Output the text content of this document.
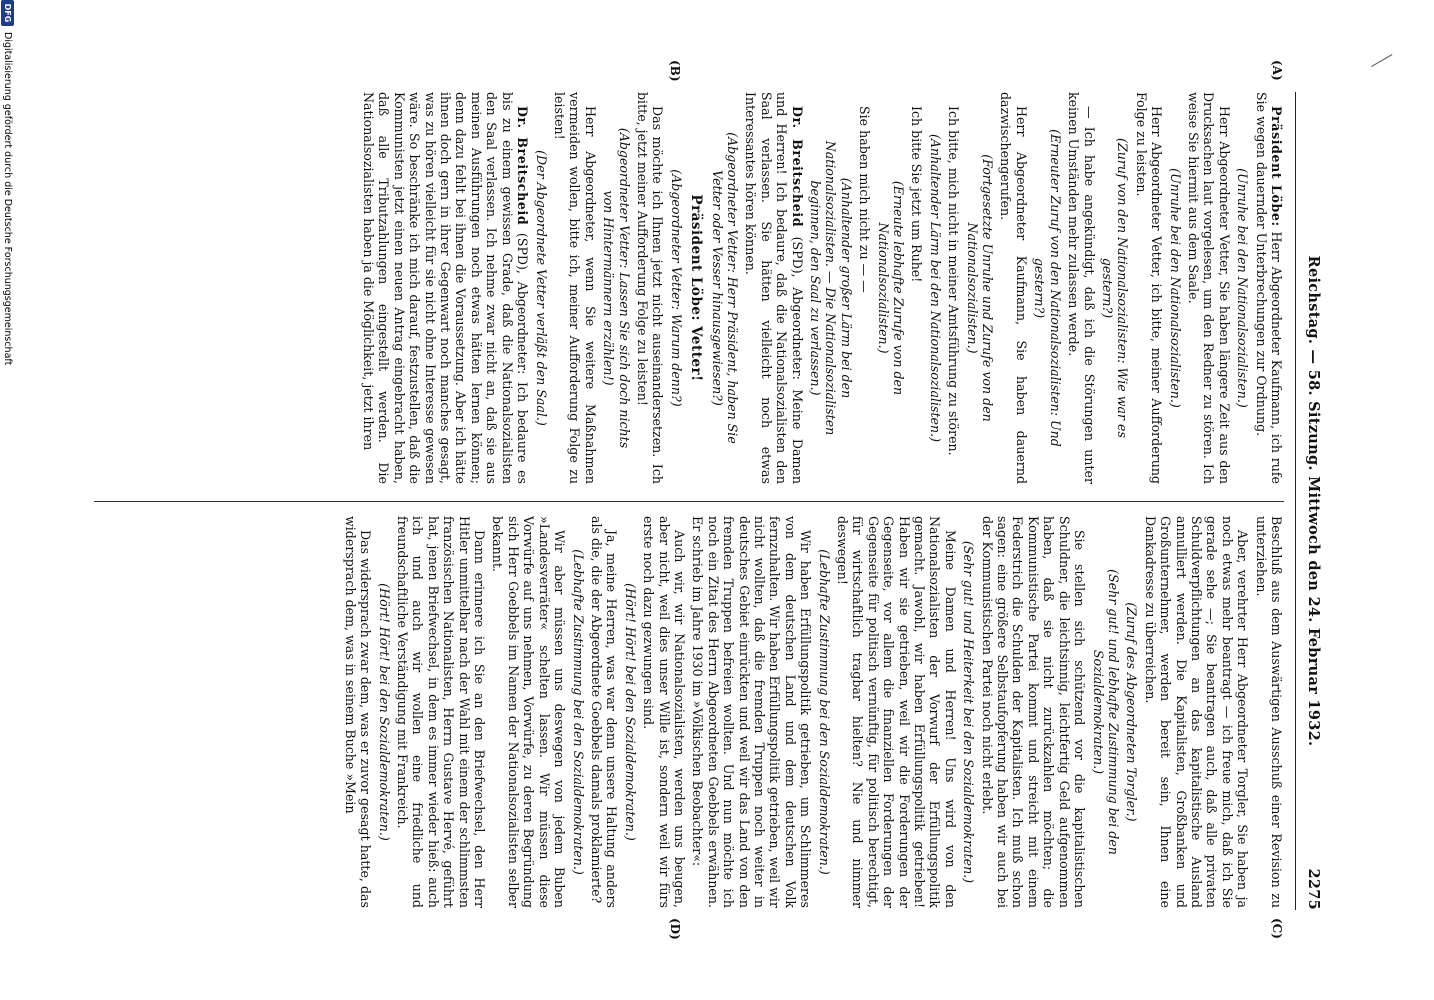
Reichstag. — 58. Sitzung. Mittwoch den 24. Februar 1932.
2275
(A)
(B)
(C)
(D)

Präsident Löbe: Herr Abgeordneter Kaufmann, ich rufe Sie wegen dauernder Unterbrechungen zur Ordnung.

(Unruhe bei den Nationalsozialisten.)

Herr Abgeordneter Vetter, Sie haben längere Zeit aus den Drucksachen laut vorgelesen, um den Redner zu stören. Ich weise Sie hiermit aus dem Saale.

(Unruhe bei den Nationalsozialisten.)

Herr Abgeordneter Vetter, ich bitte, meiner Aufforderung Folge zu leisten.

(Zuruf von den Nationalsozialisten: Wie war es gestern?)

— Ich habe angekündigt, daß ich die Störungen unter keinen Umständen mehr zulassen werde.

(Erneuter Zuruf von den Nationalsozialisten: Und gestern?)

Herr Abgeordneter Kaufmann, Sie haben dauernd dazwischengerufen.

(Fortgesetzte Unruhe und Zurufe von den Nationalsozialisten.)

Ich bitte, mich nicht in meiner Amtsführung zu stören.

(Anhaltender Lärm bei den Nationalsozialisten.)

Ich bitte Sie jetzt um Ruhe!

(Erneute lebhafte Zurufe von den Nationalsozialisten.)

Sie haben mich nicht zu — —

(Anhaltender großer Lärm bei den Nationalsozialisten. — Die Nationalsozialisten beginnen, den Saal zu verlassen.)

Dr. Breitscheid (SPD), Abgeordneter: Meine Damen und Herren! Ich bedaure, daß die Nationalsozialisten den Saal verlassen. Sie hätten vielleicht noch etwas Interessantes hören können.

(Abgeordneter Vetter: Herr Präsident, haben Sie Vetter oder Vesser hinausgewiesen?)

Präsident Löbe: Vetter!

(Abgeordneter Vetter: Warum denn?)

Das möchte ich Ihnen jetzt nicht auseinandersetzen. Ich bitte, jetzt meiner Aufforderung Folge zu leisten!

(Abgeordneter Vetter: Lassen Sie sich doch nichts von Hintermännern erzählen!)

Herr Abgeordneter, wenn Sie weitere Maßnahmen vermeiden wollen, bitte ich, meiner Aufforderung Folge zu leisten!

(Der Abgeordnete Vetter verläßt den Saal.)

Dr. Breitscheid (SPD), Abgeordneter: Ich bedaure es bis zu einem gewissen Grade, daß die Nationalsozialisten den Saal verlassen. Ich nehme zwar nicht an, daß sie aus meinen Ausführungen noch etwas hätten lernen können; denn dazu fehlt bei ihnen die Voraussetzung. Aber ich hätte ihnen doch gern in ihrer Gegenwart noch manches gesagt, was zu hören vielleicht für sie nicht ohne Interesse gewesen wäre. So beschränke ich mich darauf, festzustellen, daß die Kommunisten jetzt einen neuen Antrag eingebracht haben, daß alle Tributzahlungen eingestellt werden. Die Nationalsozialisten haben ja die Möglichkeit, jetzt ihren

Beschluß aus dem Auswärtigen Ausschuß einer Revision zu unterziehen.

Aber, verehrter Herr Abgeordneter Torgler, Sie haben ja noch etwas mehr beantragt — ich freue mich, daß ich Sie gerade sehe —; Sie beantragen auch, daß alle privaten Schuldverpflichtungen an das kapitalistische Ausland annulliert werden. Die Kapitalisten, Großbanken und Großunternehmer, werden bereit sein, Ihnen eine Dankadresse zu überreichen.

(Zuruf des Abgeordneten Torgler.)

(Sehr gut! und lebhafte Zustimmung bei den Sozialdemokraten.)

Sie stellen sich schützend vor die kapitalistischen Schuldner, die leichtsinnig, leichtfertig Geld aufgenommen haben, daß sie nicht zurückzahlen möchten; die Kommunistische Partei kommt und streicht mit einem Federstrich die Schulden der Kapitalisten. Ich muß schon sagen: eine größere Selbstaufopferung haben wir auch bei der Kommunistischen Partei noch nicht erlebt.

(Sehr gut! und Heiterkeit bei den Sozialdemokraten.)

Meine Damen und Herren! Uns wird von den Nationalsozialisten der Vorwurf der Erfüllungspolitik gemacht. Jawohl, wir haben Erfüllungspolitik getrieben! Haben wir sie getrieben, weil wir die Forderungen der Gegenseite, vor allem die finanziellen Forderungen der Gegenseite für politisch vernünftig, für politisch berechtigt, für wirtschaftlich tragbar hielten? Nie und nimmer deswegen!

(Lebhafte Zustimmung bei den Sozialdemokraten.)

Wir haben Erfüllungspolitik getrieben, um Schlimmeres von dem deutschen Land und dem deutschen Volk fernzuhalten. Wir haben Erfüllungspolitik getrieben, weil wir nicht wollten, daß die fremden Truppen noch weiter in deutsches Gebiet einrückten und weil wir das Land von den fremden Truppen befreien wollten. Und nun möchte ich noch ein Zitat des Herrn Abgeordneten Goebbels erwähnen. Er schrieb im Jahre 1930 im »Völkischen Beobachter«:

Auch wir, wir Nationalsozialisten, werden uns beugen, aber nicht, weil dies unser Wille ist, sondern weil wir fürs erste noch dazu gezwungen sind.

(Hört! Hört! bei den Sozialdemokraten.)

Ja, meine Herren, was war denn unsere Haltung anders als die, die der Abgeordnete Goebbels damals proklamierte?

(Lebhafte Zustimmung bei den Sozialdemokraten.)

Wir aber müssen uns deswegen von jedem Buben »Landesverräter« schelten lassen. Wir müssen diese Vorwürfe auf uns nehmen, Vorwürfe, zu deren Begründung sich Herr Goebbels im Namen der Nationalsozialisten selber bekannt.

Dann erinnere ich Sie an den Briefwechsel, den Herr Hitler unmittelbar nach der Wahl mit einem der schlimmsten französischen Nationalisten, Herrn Gustave Hervé, geführt hat, jenen Briefwechsel, in dem es immer wieder hieß: auch ich und auch wir wollen eine friedliche und freundschaftliche Verständigung mit Frankreich.

(Hört! Hört! bei den Sozialdemokraten.)

Das widersprach zwar dem, was er zuvor gesagt hatte, das widersprach dem, was in seinem Buche »Mein

DFG
Digitalisierung gefördert durch die Deutsche Forschungsgemeinschaft
